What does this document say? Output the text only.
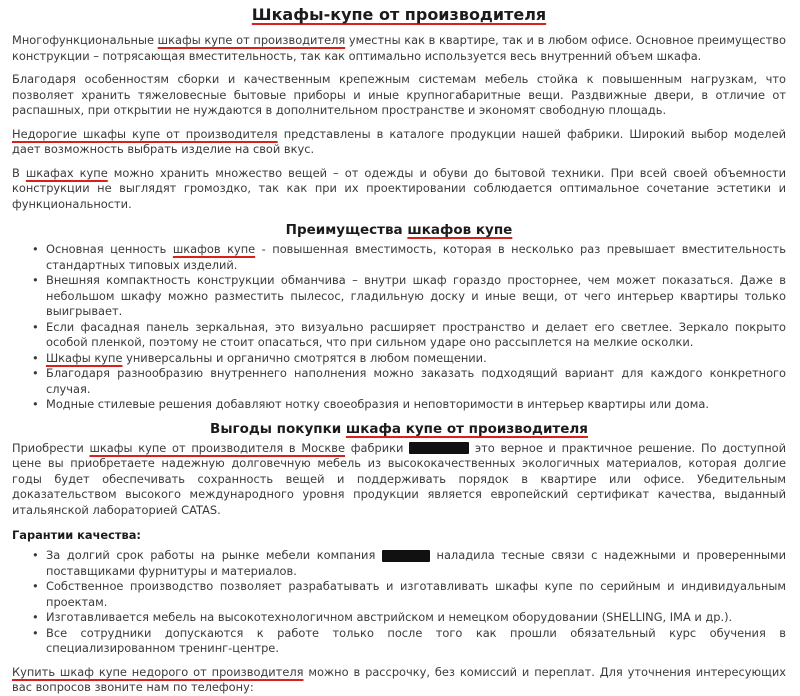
Шкафы-купе от производителя

Многофункциональные шкафы купе от производителя уместны как в квартире, так и в любом офисе. Основное преимущество конструкции – потрясающая вместительность, так как оптимально используется весь внутренний объем шкафа.

Благодаря особенностям сборки и качественным крепежным системам мебель стойка к повышенным нагрузкам, что позволяет хранить тяжеловесные бытовые приборы и иные крупногабаритные вещи. Раздвижные двери, в отличие от распашных, при открытии не нуждаются в дополнительном пространстве и экономят свободную площадь.

Недорогие шкафы купе от производителя представлены в каталоге продукции нашей фабрики. Широкий выбор моделей дает возможность выбрать изделие на свой вкус.

В шкафах купе можно хранить множество вещей – от одежды и обуви до бытовой техники. При всей своей объемности конструкции не выглядят громоздко, так как при их проектировании соблюдается оптимальное сочетание эстетики и функциональности.

Преимущества шкафов купе
• Основная ценность шкафов купе - повышенная вместимость, которая в несколько раз превышает вместительность стандартных типовых изделий.
• Внешняя компактность конструкции обманчива – внутри шкаф гораздо просторнее, чем может показаться. Даже в небольшом шкафу можно разместить пылесос, гладильную доску и иные вещи, от чего интерьер квартиры только выигрывает.
• Если фасадная панель зеркальная, это визуально расширяет пространство и делает его светлее. Зеркало покрыто особой пленкой, поэтому не стоит опасаться, что при сильном ударе оно рассыплется на мелкие осколки.
• Шкафы купе универсальны и органично смотрятся в любом помещении.
• Благодаря разнообразию внутреннего наполнения можно заказать подходящий вариант для каждого конкретного случая.
• Модные стилевые решения добавляют нотку своеобразия и неповторимости в интерьер квартиры или дома.
Выгоды покупки шкафа купе от производителя

Приобрести шкафы купе от производителя в Москве фабрики	это верное и практичное решение. По доступной цене вы приобретаете надежную долговечную мебель из высококачественных экологичных материалов, которая долгие годы будет обеспечивать сохранность вещей и поддерживать порядок в квартире или офисе. Убедительным доказательством высокого международного уровня продукции является европейский сертификат качества, выданный итальянской лабораторией CATAS.

Гарантии качества:
• За долгий срок работы на рынке мебели компания	наладила тесные связи с надежными и проверенными поставщиками фурнитуры и материалов.
• Собственное производство позволяет разрабатывать и изготавливать шкафы купе по серийным и индивидуальным проектам.
• Изготавливается мебель на высокотехнологичном австрийском и немецком оборудовании (SHELLING, IMA и др.).
• Все сотрудники допускаются к работе только после того как прошли обязательный курс обучения в специализированном тренинг-центре.

Купить шкаф купе недорого от производителя можно в рассрочку, без комиссий и переплат. Для уточнения интересующих вас вопросов звоните нам по телефону:
